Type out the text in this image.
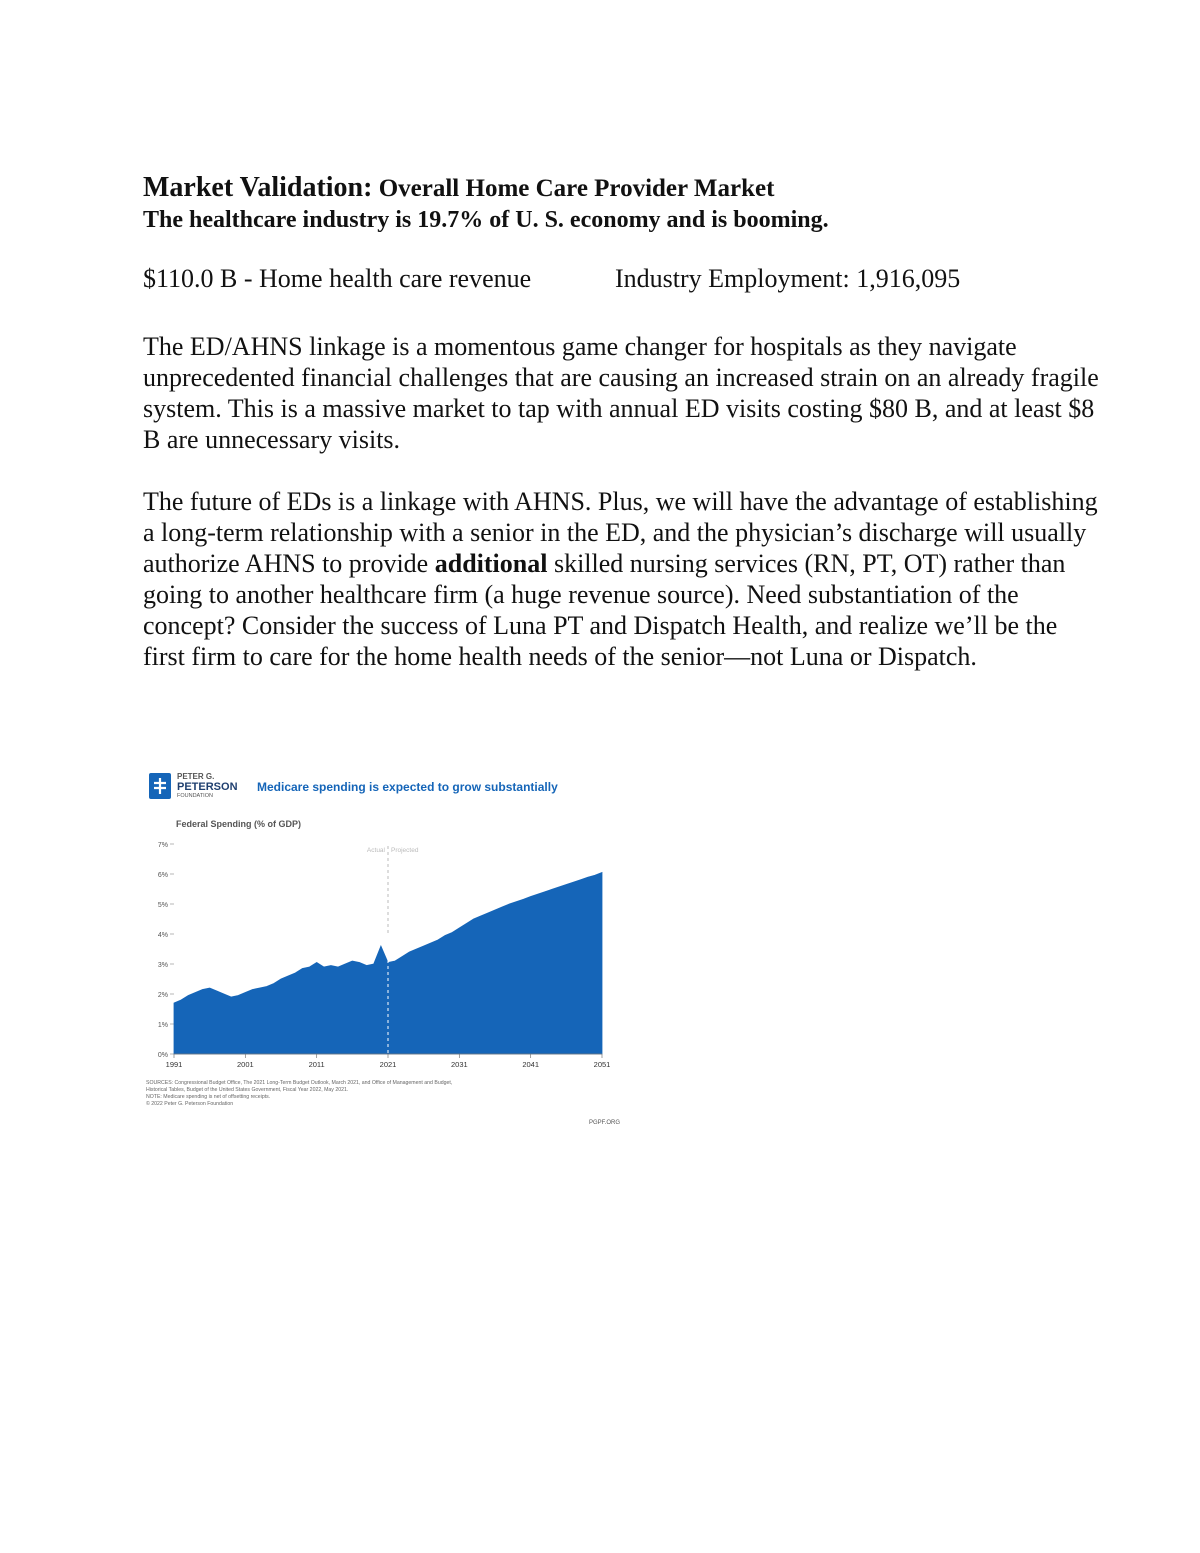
Market Validation: Overall Home Care Provider Market

The healthcare industry is 19.7% of U. S. economy and is booming.

$110.0 B - Home health care revenue	Industry Employment: 1,916,095

The ED/AHNS linkage is a momentous game changer for hospitals as they navigate unprecedented financial challenges that are causing an increased strain on an already fragile system. This is a massive market to tap with annual ED visits costing $80 B, and at least $8 B are unnecessary visits.

The future of EDs is a linkage with AHNS. Plus, we will have the advantage of establishing a long-term relationship with a senior in the ED, and the physician’s discharge will usually authorize AHNS to provide additional skilled nursing services (RN, PT, OT) rather than going to another healthcare firm (a huge revenue source). Need substantiation of the concept? Consider the success of Luna PT and Dispatch Health, and realize we’ll be the first firm to care for the home health needs of the senior—not Luna or Dispatch.

PETER G.
PETERSON
FOUNDATION
Medicare spending is expected to grow substantially
Federal Spending (% of GDP)
0%
1%
2%
3%
4%
5%
6%
7%
Actual Projected
1991	2001	2011	2021	2031	2041	2051
SOURCES: Congressional Budget Office, The 2021 Long-Term Budget Outlook, March 2021, and Office of Management and Budget,
Historical Tables, Budget of the United States Government, Fiscal Year 2022, May 2021.
NOTE: Medicare spending is net of offsetting receipts.
© 2022 Peter G. Peterson Foundation
PGPF.ORG
